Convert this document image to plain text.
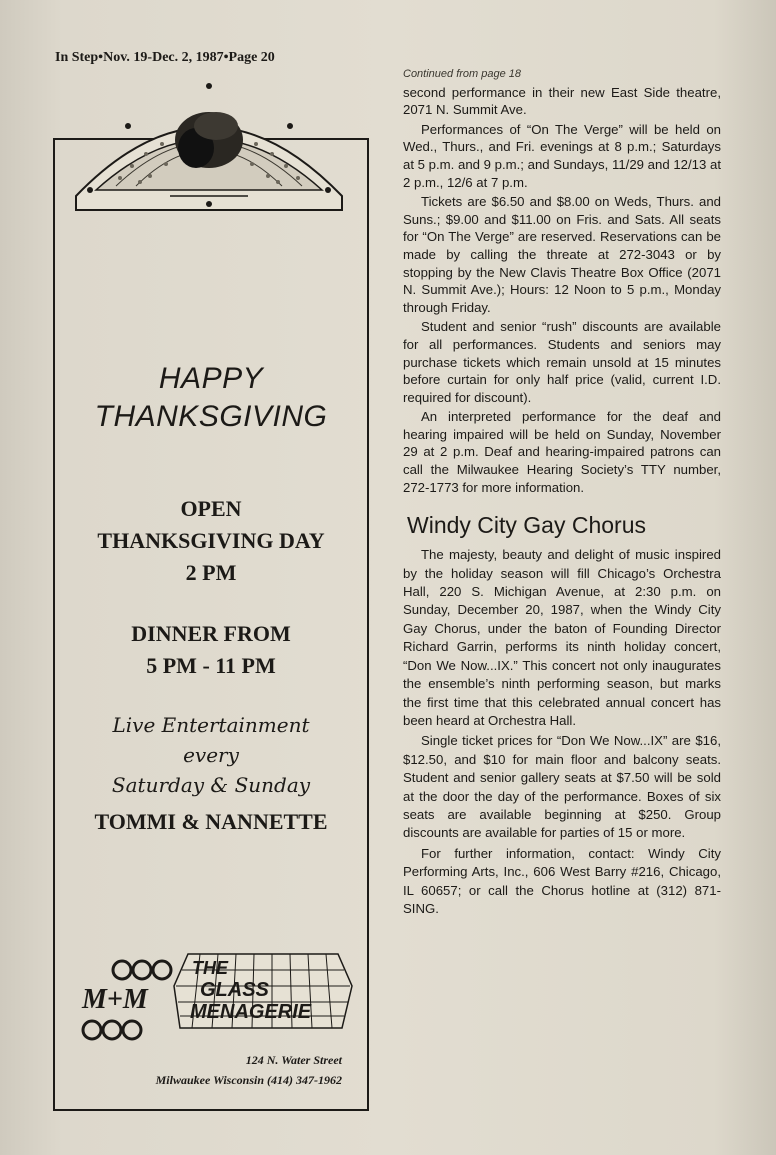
In Step•Nov. 19-Dec. 2, 1987•Page 20
HAPPY
THANKSGIVING
OPEN
THANKSGIVING DAY
2 PM
DINNER FROM
5 PM - 11 PM
Live Entertainment
every
Saturday & Sunday
TOMMI & NANNETTE
M+M
THE
GLASS
MENAGERIE
124 N. Water Street
Milwaukee Wisconsin (414) 347-1962
Continued from page 18

second performance in their new East Side theatre, 2071 N. Summit Ave.

Performances of “On The Verge” will be held on Wed., Thurs., and Fri. evenings at 8 p.m.; Saturdays at 5 p.m. and 9 p.m.; and Sundays, 11/29 and 12/13 at 2 p.m., 12/6 at 7 p.m.

Tickets are $6.50 and $8.00 on Weds, Thurs. and Suns.; $9.00 and $11.00 on Fris. and Sats. All seats for “On The Verge” are reserved. Reservations can be made by calling the threate at 272-3043 or by stopping by the New Clavis Theatre Box Office (2071 N. Summit Ave.); Hours: 12 Noon to 5 p.m., Monday through Friday.

Student and senior “rush” discounts are available for all performances. Students and seniors may purchase tickets which remain unsold at 15 minutes before curtain for only half price (valid, current I.D. required for discount).

An interpreted performance for the deaf and hearing impaired will be held on Sunday, November 29 at 2 p.m. Deaf and hearing-impaired patrons can call the Milwaukee Hearing Society’s TTY number, 272-1773 for more information.

Windy City Gay Chorus

The majesty, beauty and delight of music inspired by the holiday season will fill Chicago’s Orchestra Hall, 220 S. Michigan Avenue, at 2:30 p.m. on Sunday, December 20, 1987, when the Windy City Gay Chorus, under the baton of Founding Director Richard Garrin, performs its ninth holiday concert, “Don We Now...IX.” This concert not only inaugurates the ensemble’s ninth performing season, but marks the first time that this celebrated annual concert has been heard at Orchestra Hall.

Single ticket prices for “Don We Now...IX” are $16, $12.50, and $10 for main floor and balcony seats. Student and senior gallery seats at $7.50 will be sold at the door the day of the performance. Boxes of six seats are available beginning at $250. Group discounts are available for parties of 15 or more.

For further information, contact: Windy City Performing Arts, Inc., 606 West Barry #216, Chicago, IL 60657; or call the Chorus hotline at (312) 871-SING.
